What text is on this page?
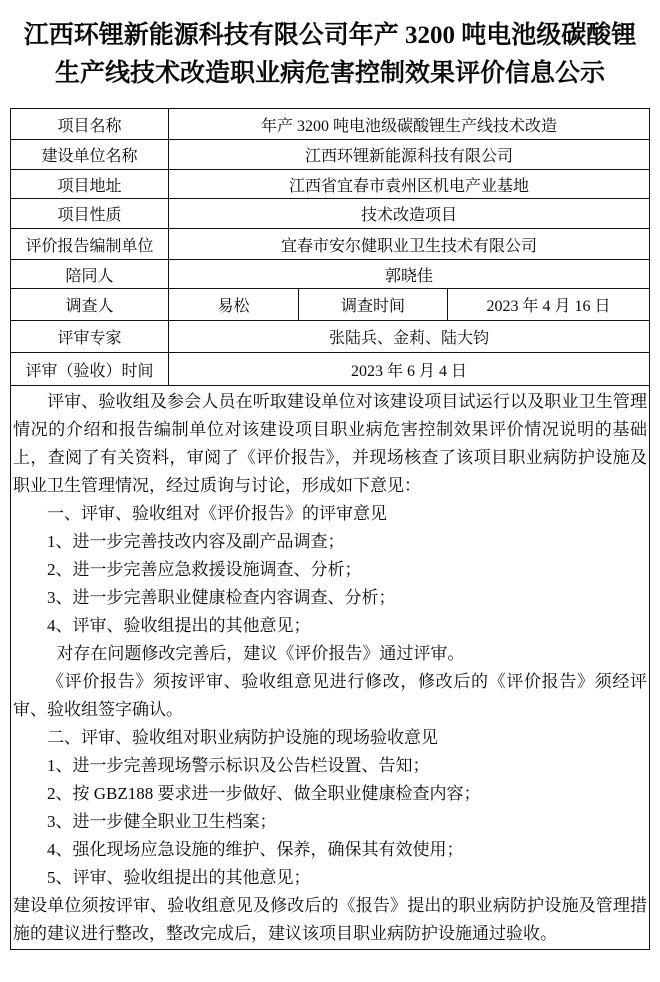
江西环锂新能源科技有限公司年产 3200 吨电池级碳酸锂
生产线技术改造职业病危害控制效果评价信息公示
项目名称	年产 3200 吨电池级碳酸锂生产线技术改造		
建设单位名称	江西环锂新能源科技有限公司		
项目地址	江西省宜春市袁州区机电产业基地		
项目性质	技术改造项目		
评价报告编制单位	宜春市安尔健职业卫生技术有限公司		
陪同人	郭晓佳		
调查人	易松	调查时间	2023 年 4 月 16 日
评审专家	张陆兵、金莉、陆大钧		
评审（验收）时间	2023 年 6 月 4 日		

评审、验收组及参会人员在听取建设单位对该建设项目试运行以及职业卫生管理情况的介绍和报告编制单位对该建设项目职业病危害控制效果评价情况说明的基础上，查阅了有关资料，审阅了《评价报告》，并现场核查了该项目职业病防护设施及职业卫生管理情况，经过质询与讨论，形成如下意见：

一、评审、验收组对《评价报告》的评审意见

1、进一步完善技改内容及副产品调查；

2、进一步完善应急救援设施调查、分析；

3、进一步完善职业健康检查内容调查、分析；

4、评审、验收组提出的其他意见；

对存在问题修改完善后，建议《评价报告》通过评审。

《评价报告》须按评审、验收组意见进行修改，修改后的《评价报告》须经评审、验收组签字确认。

二、评审、验收组对职业病防护设施的现场验收意见

1、进一步完善现场警示标识及公告栏设置、告知；

2、按 GBZ188 要求进一步做好、做全职业健康检查内容；

3、进一步健全职业卫生档案；

4、强化现场应急设施的维护、保养，确保其有效使用；

5、评审、验收组提出的其他意见；

建设单位须按评审、验收组意见及修改后的《报告》提出的职业病防护设施及管理措施的建议进行整改，整改完成后，建议该项目职业病防护设施通过验收。
